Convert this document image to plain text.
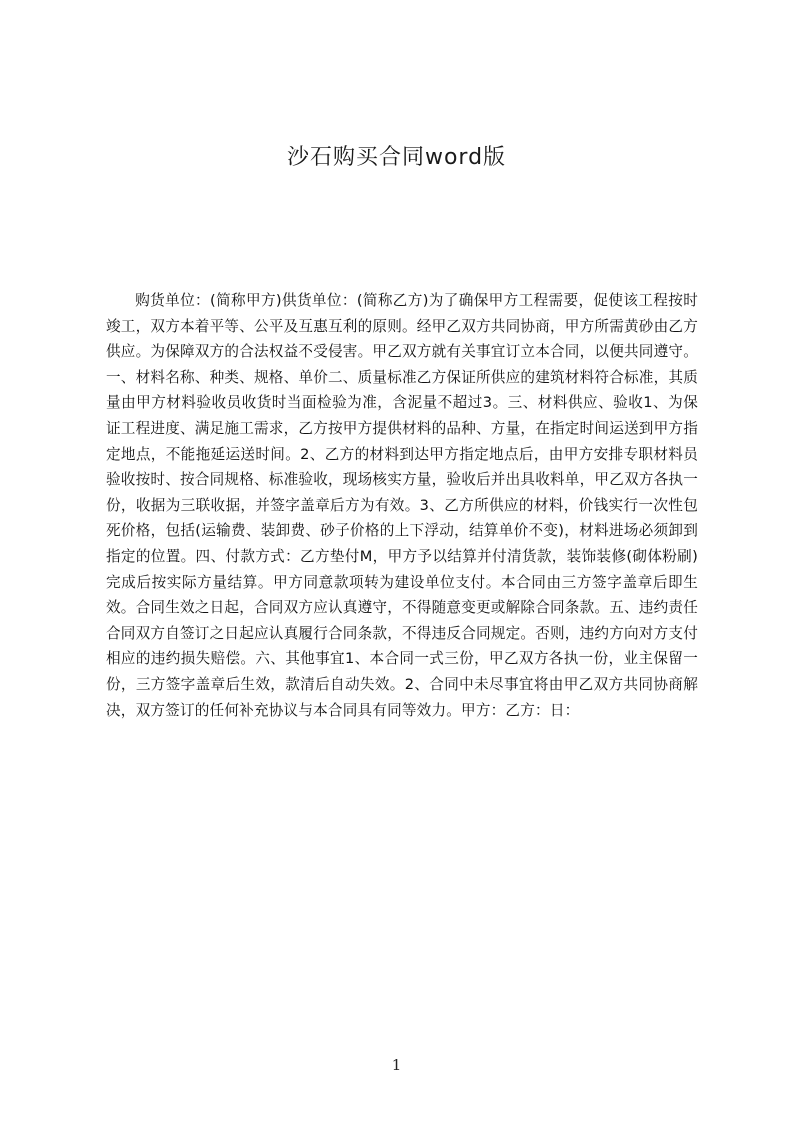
沙石购买合同word版

购货单位：(简称甲方)供货单位：(简称乙方)为了确保甲方工程需要，促使该工程按时竣工，双方本着平等、公平及互惠互利的原则。经甲乙双方共同协商，甲方所需黄砂由乙方供应。为保障双方的合法权益不受侵害。甲乙双方就有关事宜订立本合同，以便共同遵守。一、材料名称、种类、规格、单价二、质量标准乙方保证所供应的建筑材料符合标准，其质量由甲方材料验收员收货时当面检验为准，含泥量不超过3。三、材料供应、验收1、为保证工程进度、满足施工需求，乙方按甲方提供材料的品种、方量，在指定时间运送到甲方指定地点，不能拖延运送时间。2、乙方的材料到达甲方指定地点后，由甲方安排专职材料员验收按时、按合同规格、标准验收，现场核实方量，验收后并出具收料单，甲乙双方各执一份，收据为三联收据，并签字盖章后方为有效。3、乙方所供应的材料，价钱实行一次性包死价格，包括(运输费、装卸费、砂子价格的上下浮动，结算单价不变)，材料进场必须卸到指定的位置。四、付款方式：乙方垫付M，甲方予以结算并付清货款，装饰装修(砌体粉刷)完成后按实际方量结算。甲方同意款项转为建设单位支付。本合同由三方签字盖章后即生效。合同生效之日起，合同双方应认真遵守，不得随意变更或解除合同条款。五、违约责任合同双方自签订之日起应认真履行合同条款，不得违反合同规定。否则，违约方向对方支付相应的违约损失赔偿。六、其他事宜1、本合同一式三份，甲乙双方各执一份，业主保留一份，三方签字盖章后生效，款清后自动失效。2、合同中未尽事宜将由甲乙双方共同协商解决，双方签订的任何补充协议与本合同具有同等效力。甲方：乙方：日：

1
